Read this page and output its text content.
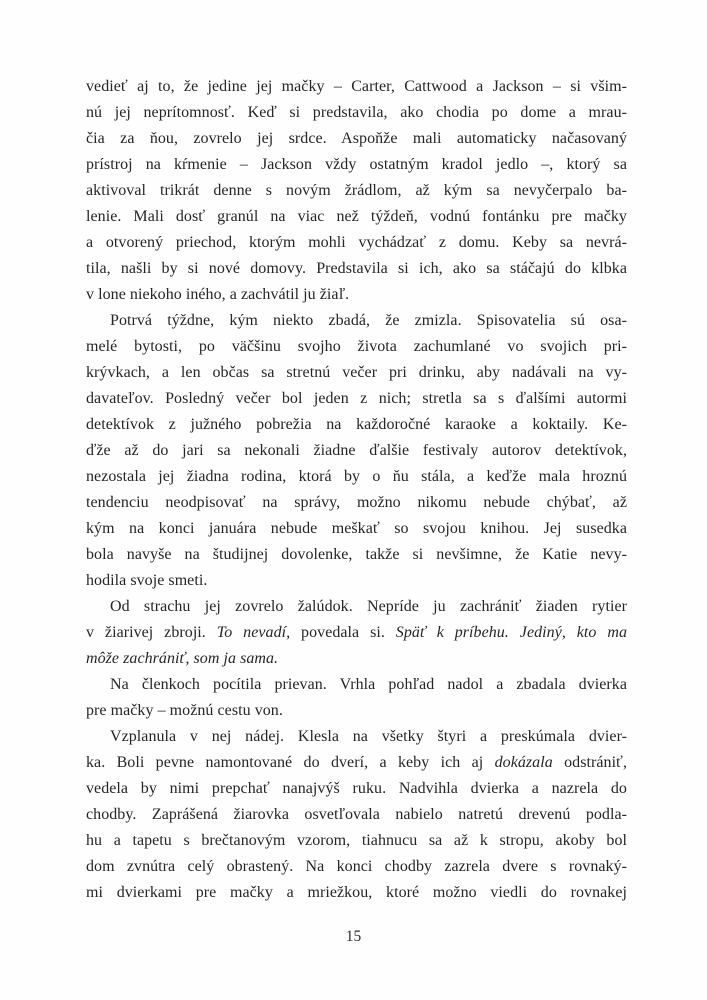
vedieť aj to, že jedine jej mačky – Carter, Cattwood a Jackson – si všim-
nú jej neprítomnosť. Keď si predstavila, ako chodia po dome a mrau-
čia za ňou, zovrelo jej srdce. Aspoňže mali automaticky načasovaný
prístroj na kŕmenie – Jackson vždy ostatným kradol jedlo –, ktorý sa
aktivoval trikrát denne s novým žrádlom, až kým sa nevyčerpalo ba-
lenie. Mali dosť granúl na viac než týždeň, vodnú fontánku pre mačky
a otvorený priechod, ktorým mohli vychádzať z domu. Keby sa nevrá-
tila, našli by si nové domovy. Predstavila si ich, ako sa stáčajú do klbka
v lone niekoho iného, a zachvátil ju žiaľ.
Potrvá týždne, kým niekto zbadá, že zmizla. Spisovatelia sú osa-
melé bytosti, po väčšinu svojho života zachumlané vo svojich pri-
krývkach, a len občas sa stretnú večer pri drinku, aby nadávali na vy-
davateľov. Posledný večer bol jeden z nich; stretla sa s ďalšími autormi
detektívok z južného pobrežia na každoročné karaoke a koktaily. Ke-
ďže až do jari sa nekonali žiadne ďalšie festivaly autorov detektívok,
nezostala jej žiadna rodina, ktorá by o ňu stála, a keďže mala hroznú
tendenciu neodpisovať na správy, možno nikomu nebude chýbať, až
kým na konci januára nebude meškať so svojou knihou. Jej susedka
bola navyše na študijnej dovolenke, takže si nevšimne, že Katie nevy-
hodila svoje smeti.
Od strachu jej zovrelo žalúdok. Nepríde ju zachrániť žiaden rytier
v žiarivej zbroji. To nevadí, povedala si. Späť k príbehu. Jediný, kto ma
môže zachrániť, som ja sama.
Na členkoch pocítila prievan. Vrhla pohľad nadol a zbadala dvierka
pre mačky – možnú cestu von.
Vzplanula v nej nádej. Klesla na všetky štyri a preskúmala dvier-
ka. Boli pevne namontované do dverí, a keby ich aj dokázala odstrániť,
vedela by nimi prepchať nanajvýš ruku. Nadvihla dvierka a nazrela do
chodby. Zaprášená žiarovka osvetľovala nabielo natretú drevenú podla-
hu a tapetu s brečtanovým vzorom, tiahnucu sa až k stropu, akoby bol
dom zvnútra celý obrastený. Na konci chodby zazrela dvere s rovnaký-
mi dvierkami pre mačky a mriežkou, ktoré možno viedli do rovnakej
15
